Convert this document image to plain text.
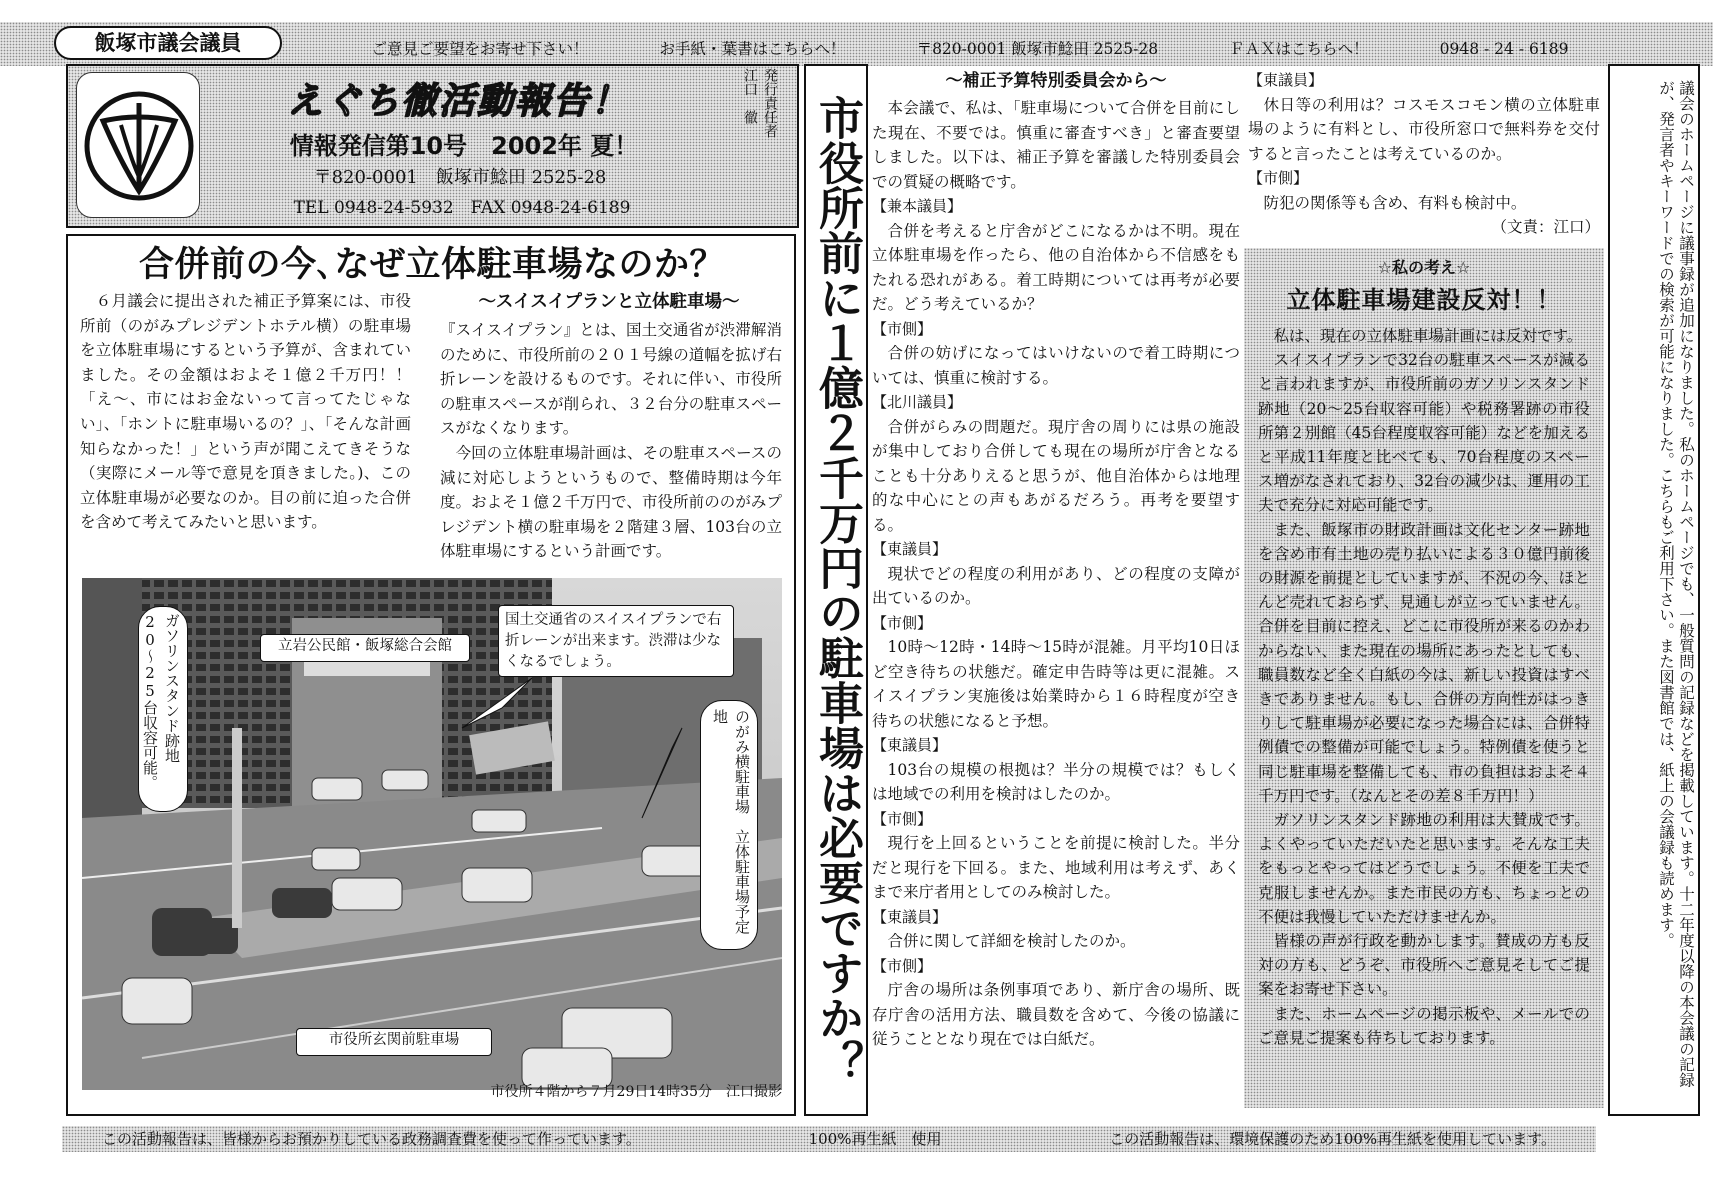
飯塚市議会議員	ご意見ご要望をお寄せ下さい！	お手紙・葉書はこちらへ！	〒820-0001 飯塚市鯰田 2525-28	ＦＡＸはこちらへ！	0948 - 24 - 6189
えぐち徹活動報告！
情報発信第10号　2002年 夏！
〒820-0001　飯塚市鯰田 2525-28
TEL 0948-24-5932　FAX 0948-24-6189
発行責任者
江口　徹
合併前の今､なぜ立体駐車場なのか？

　６月議会に提出された補正予算案には、市役所前（のがみプレジデントホテル横）の駐車場を立体駐車場にするという予算が、含まれていました。その金額はおよそ１億２千万円！！「え～、市にはお金ないって言ってたじゃない」、「ホントに駐車場いるの？」、「そんな計画知らなかった！」という声が聞こえてきそうな（実際にメール等で意見を頂きました｡)、この立体駐車場が必要なのか。目の前に迫った合併を含めて考えてみたいと思います。

～スイスイプランと立体駐車場～

『スイスイプラン』とは、国土交通省が渋滞解消のために、市役所前の２０１号線の道幅を拡げ右折レーンを設けるものです。それに伴い、市役所の駐車スペースが削られ、３２台分の駐車スペースがなくなります。

　今回の立体駐車場計画は、その駐車スペースの減に対応しようというもので、整備時期は今年度。およそ１億２千万円で、市役所前ののがみプレジデント横の駐車場を２階建３層、103台の立体駐車場にするという計画です。

ガソリンスタンド跡地　20～25台収容可能。	立岩公民館・飯塚総合会館
国土交通省のスイスイプランで右折レーンが出来ます。渋滞は少なくなるでしょう。
のがみ横駐車場　立体駐車場予定地
市役所玄関前駐車場
市役所４階から７月29日14時35分　江口撮影
市役所前に１億２千万円の駐車場は必要ですか？
～補正予算特別委員会から～

本会議で、私は、「駐車場について合併を目前にした現在、不要では。慎重に審査すべき」と審査要望しました。以下は、補正予算を審議した特別委員会での質疑の概略です。

【兼本議員】

合併を考えると庁舎がどこになるかは不明。現在立体駐車場を作ったら、他の自治体から不信感をもたれる恐れがある。着工時期については再考が必要だ。どう考えているか？

【市側】

合併の妨げになってはいけないので着工時期については、慎重に検討する。

【北川議員】

合併がらみの問題だ。現庁舎の周りには県の施設が集中しており合併しても現在の場所が庁舎となることも十分ありえると思うが、他自治体からは地理的な中心にとの声もあがるだろう。再考を要望する。

【東議員】

現状でどの程度の利用があり、どの程度の支障が出ているのか。

【市側】

10時～12時・14時～15時が混雑。月平均10日ほど空き待ちの状態だ。確定申告時等は更に混雑。スイスイプラン実施後は始業時から１６時程度が空き待ちの状態になると予想。

【東議員】

103台の規模の根拠は？半分の規模では？もしくは地域での利用を検討はしたのか。

【市側】

現行を上回るということを前提に検討した。半分だと現行を下回る。また、地域利用は考えず、あくまで来庁者用としてのみ検討した。

【東議員】

合併に関して詳細を検討したのか。

【市側】

庁舎の場所は条例事項であり、新庁舎の場所、既存庁舎の活用方法、職員数を含めて、今後の協議に従うこととなり現在では白紙だ。

【東議員】

休日等の利用は？コスモスコモン横の立体駐車場のように有料とし、市役所窓口で無料券を交付すると言ったことは考えているのか。

【市側】

防犯の関係等も含め、有料も検討中。

（文責：江口）

☆私の考え☆
立体駐車場建設反対！！

私は、現在の立体駐車場計画には反対です。

スイスイプランで32台の駐車スペースが減ると言われますが、市役所前のガソリンスタンド跡地（20～25台収容可能）や税務署跡の市役所第２別館（45台程度収容可能）などを加えると平成11年度と比べても、70台程度のスペース増がなされており、32台の減少は、運用の工夫で充分に対応可能です。

また、飯塚市の財政計画は文化センター跡地を含め市有土地の売り払いによる３０億円前後の財源を前提としていますが、不況の今、ほとんど売れておらず、見通しが立っていません。合併を目前に控え、どこに市役所が来るのかわからない、また現在の場所にあったとしても、職員数など全く白紙の今は、新しい投資はすべきでありません。もし、合併の方向性がはっきりして駐車場が必要になった場合には、合併特例債での整備が可能でしょう。特例債を使うと同じ駐車場を整備しても、市の負担はおよそ４千万円です。（なんとその差８千万円！）

ガソリンスタンド跡地の利用は大賛成です。よくやっていただいたと思います。そんな工夫をもっとやってはどうでしょう。不便を工夫で克服しませんか。また市民の方も、ちょっとの不便は我慢していただけませんか。

皆様の声が行政を動かします。賛成の方も反対の方も、どうぞ、市役所へご意見そしてご提案をお寄せ下さい。

また、ホームページの掲示板や、メールでのご意見ご提案も待ちしております。	議会のホームページに議事録が追加になりました。私のホームページでも、一般質問の記録などを掲載しています。十二年度以降の本会議の記録が、発言者やキーワードでの検索が可能になりました。こちらもご利用下さい。また図書館では、紙上の会議録も読めます。
この活動報告は、皆様からお預かりしている政務調査費を使って作っています。	100%再生紙　使用	この活動報告は、環境保護のため100%再生紙を使用しています。
